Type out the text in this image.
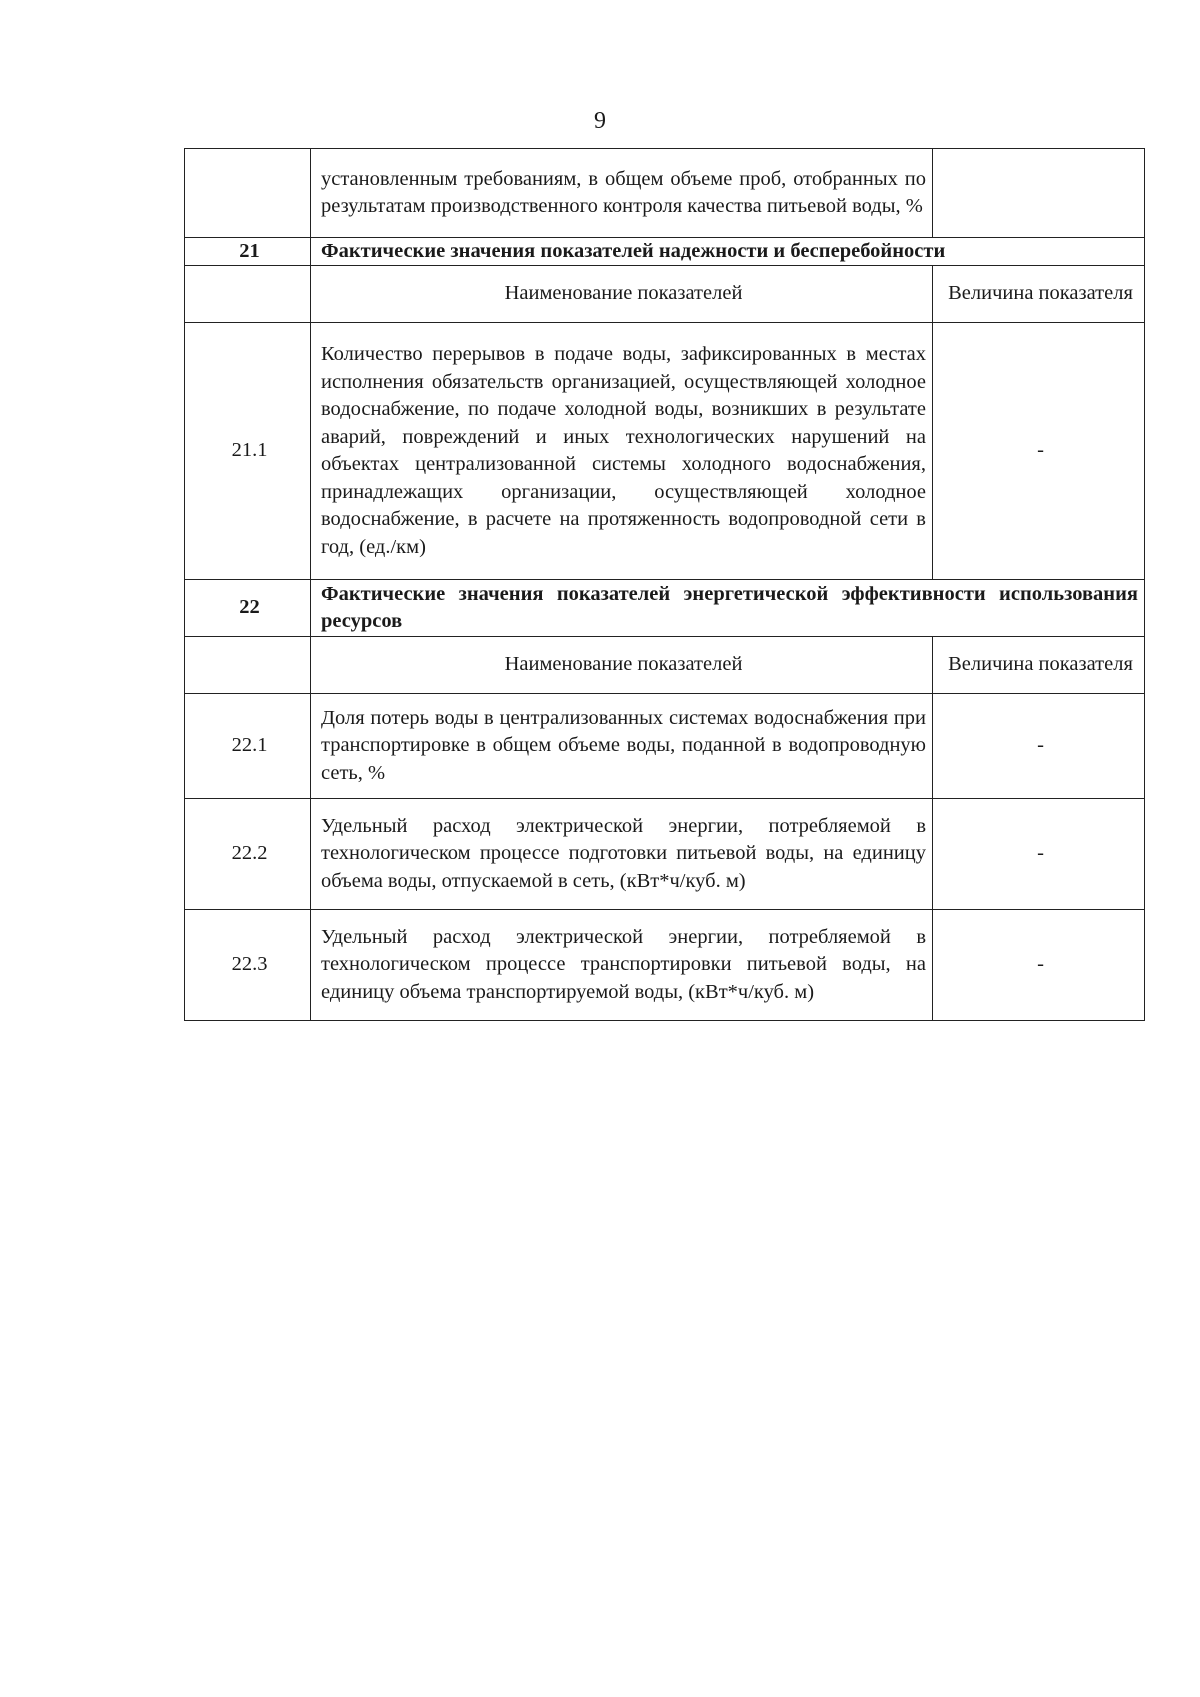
9
	установленным требованиям, в общем объеме проб, отобранных по результатам производственного контроля качества питьевой воды, %	
21	Фактические значения показателей надежности и бесперебойности	
	Наименование показателей	Величина показателя
21.1	Количество перерывов в подаче воды, зафиксированных в местах исполнения обязательств организацией, осуществляющей холодное водоснабжение, по подаче холодной воды, возникших в результате аварий, повреждений и иных технологических нарушений на объектах централизованной системы холодного водоснабжения, принадлежащих организации, осуществляющей холодное водоснабжение, в расчете на протяженность водопроводной сети в год, (ед./км)	-
22	Фактические значения показателей энергетической эффективности использования ресурсов	
	Наименование показателей	Величина показателя
22.1	Доля потерь воды в централизованных системах водоснабжения при транспортировке в общем объеме воды, поданной в водопроводную сеть, %	-
22.2	Удельный расход электрической энергии, потребляемой в технологическом процессе подготовки питьевой воды, на единицу объема воды, отпускаемой в сеть, (кВт*ч/куб. м)	-
22.3	Удельный расход электрической энергии, потребляемой в технологическом процессе транспортировки питьевой воды, на единицу объема транспортируемой воды, (кВт*ч/куб. м)	-
